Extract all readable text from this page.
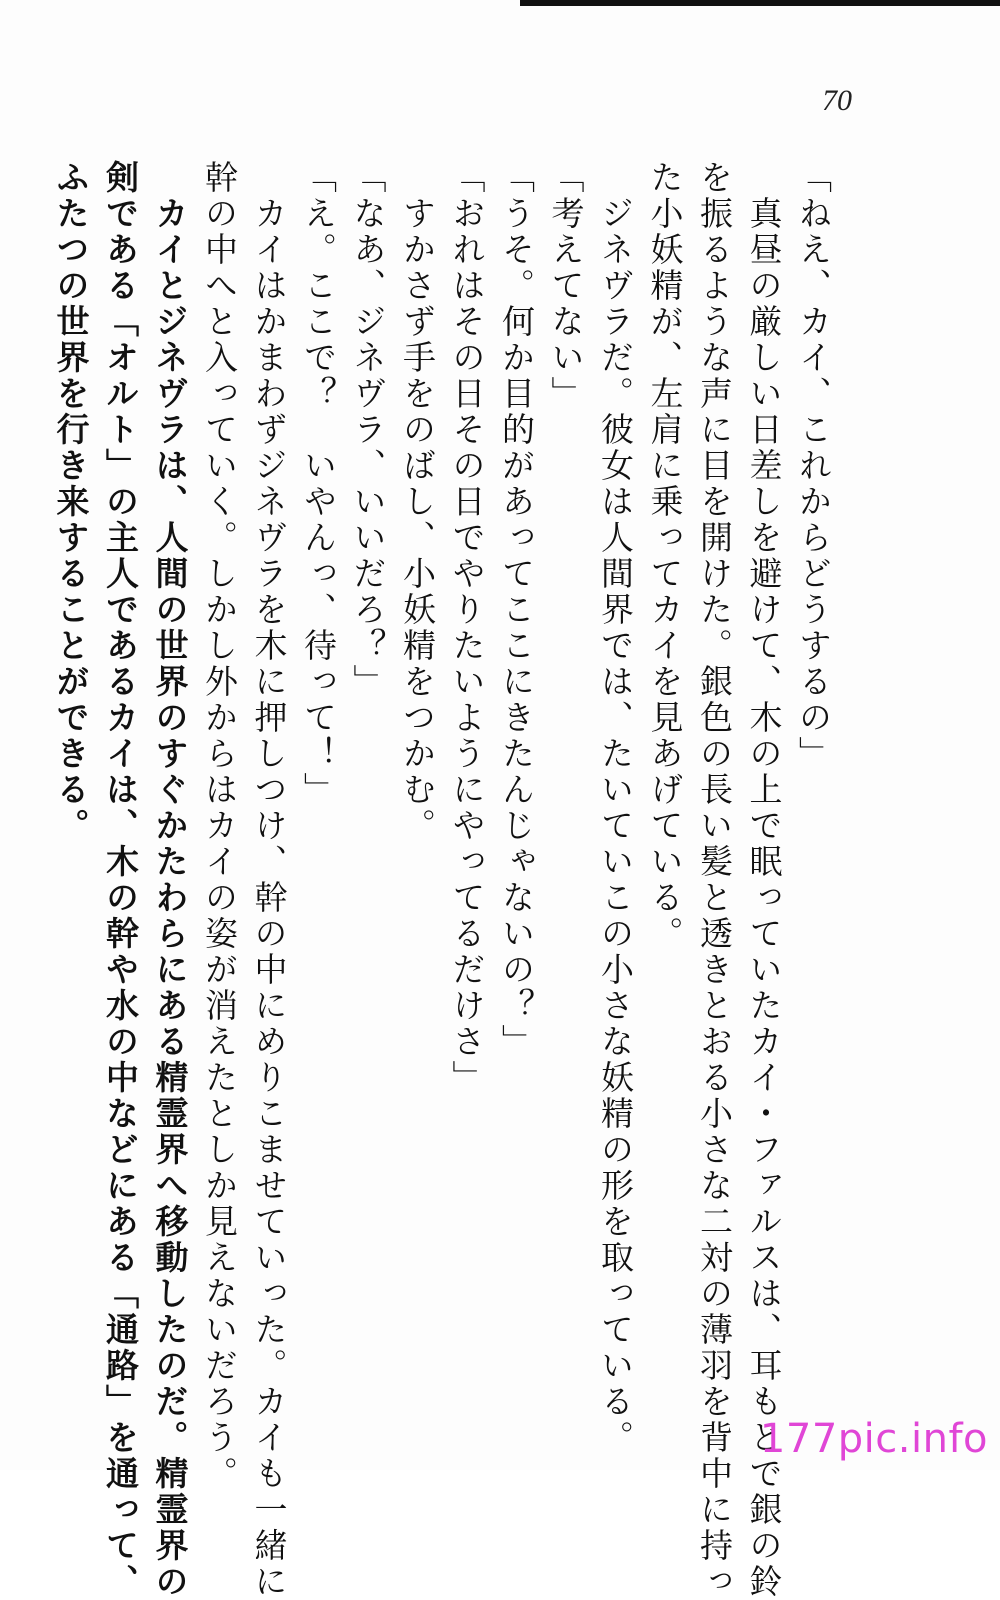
70
「ねえ、カイ、これからどうするの」
　真昼の厳しい日差しを避けて、木の上で眠っていたカイ・ファルスは、耳もとで銀の鈴
を振るような声に目を開けた。銀色の長い髪と透きとおる小さな二対の薄羽を背中に持っ
た小妖精が、左肩に乗ってカイを見あげている。
　ジネヴラだ。彼女は人間界では、たいていこの小さな妖精の形を取っている。
「考えてない」
「うそ。何か目的があってここにきたんじゃないの？」
「おれはその日その日でやりたいようにやってるだけさ」
　すかさず手をのばし、小妖精をつかむ。
「なあ、ジネヴラ、いいだろ？」
「え。ここで？　いやんっ、待って！」
　カイはかまわずジネヴラを木に押しつけ、幹の中にめりこませていった。カイも一緒に
幹の中へと入っていく。しかし外からはカイの姿が消えたとしか見えないだろう。
　カイとジネヴラは、人間の世界のすぐかたわらにある精霊界へ移動したのだ。精霊界の
剣である「オルト」の主人であるカイは、木の幹や水の中などにある「通路」を通って、
ふたつの世界を行き来することができる。
177pic.info
